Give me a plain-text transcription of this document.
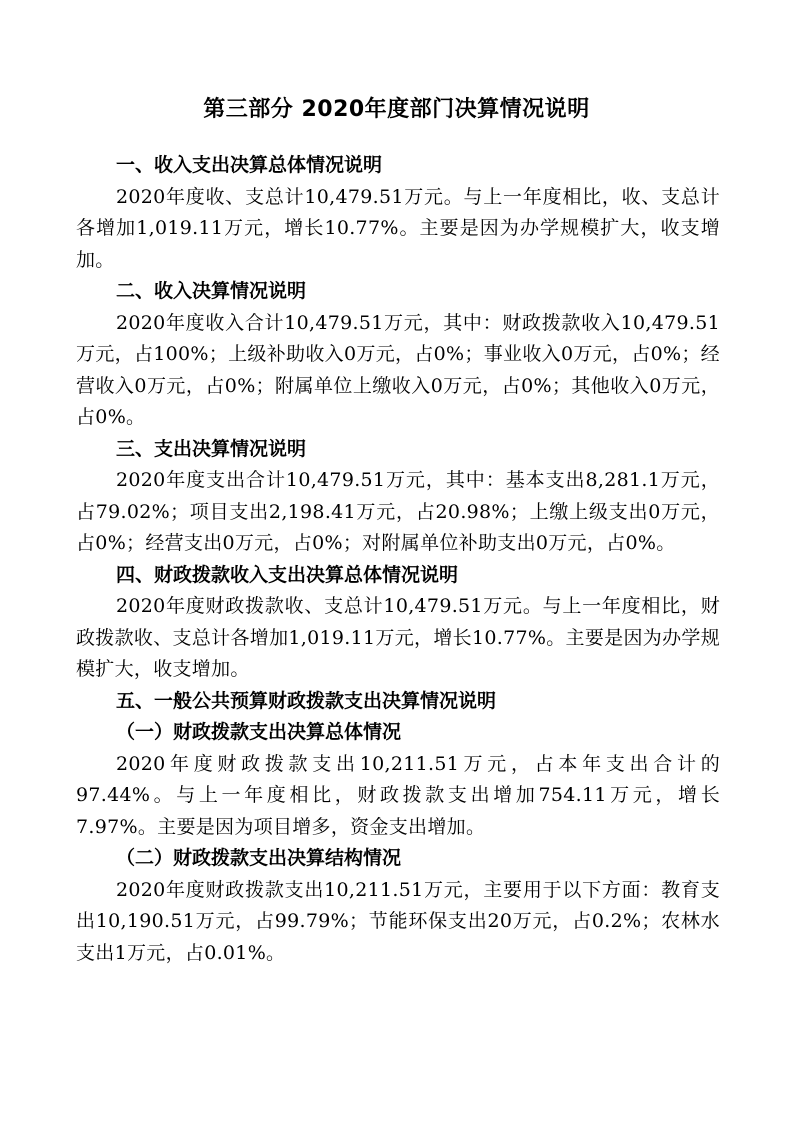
第三部分 2020年度部门决算情况说明

一、收入支出决算总体情况说明

2020年度收、支总计10,479.51万元。与上一年度相比，收、支总计各增加1,019.11万元，增长10.77%。主要是因为办学规模扩大，收支增加。

二、收入决算情况说明

2020年度收入合计10,479.51万元，其中：财政拨款收入10,479.51万元，占100%；上级补助收入0万元，占0%；事业收入0万元，占0%；经营收入0万元，占0%；附属单位上缴收入0万元，占0%；其他收入0万元，占0%。

三、支出决算情况说明

2020年度支出合计10,479.51万元，其中：基本支出8,281.1万元，占79.02%；项目支出2,198.41万元，占20.98%；上缴上级支出0万元，占0%；经营支出0万元，占0%；对附属单位补助支出0万元，占0%。

四、财政拨款收入支出决算总体情况说明

2020年度财政拨款收、支总计10,479.51万元。与上一年度相比，财政拨款收、支总计各增加1,019.11万元，增长10.77%。主要是因为办学规模扩大，收支增加。

五、一般公共预算财政拨款支出决算情况说明

（一）财政拨款支出决算总体情况

2020年度财政拨款支出10,211.51万元，占本年支出合计的97.44%。与上一年度相比，财政拨款支出增加754.11万元，增长7.97%。主要是因为项目增多，资金支出增加。

（二）财政拨款支出决算结构情况

2020年度财政拨款支出10,211.51万元，主要用于以下方面：教育支出10,190.51万元，占99.79%；节能环保支出20万元，占0.2%；农林水支出1万元，占0.01%。
